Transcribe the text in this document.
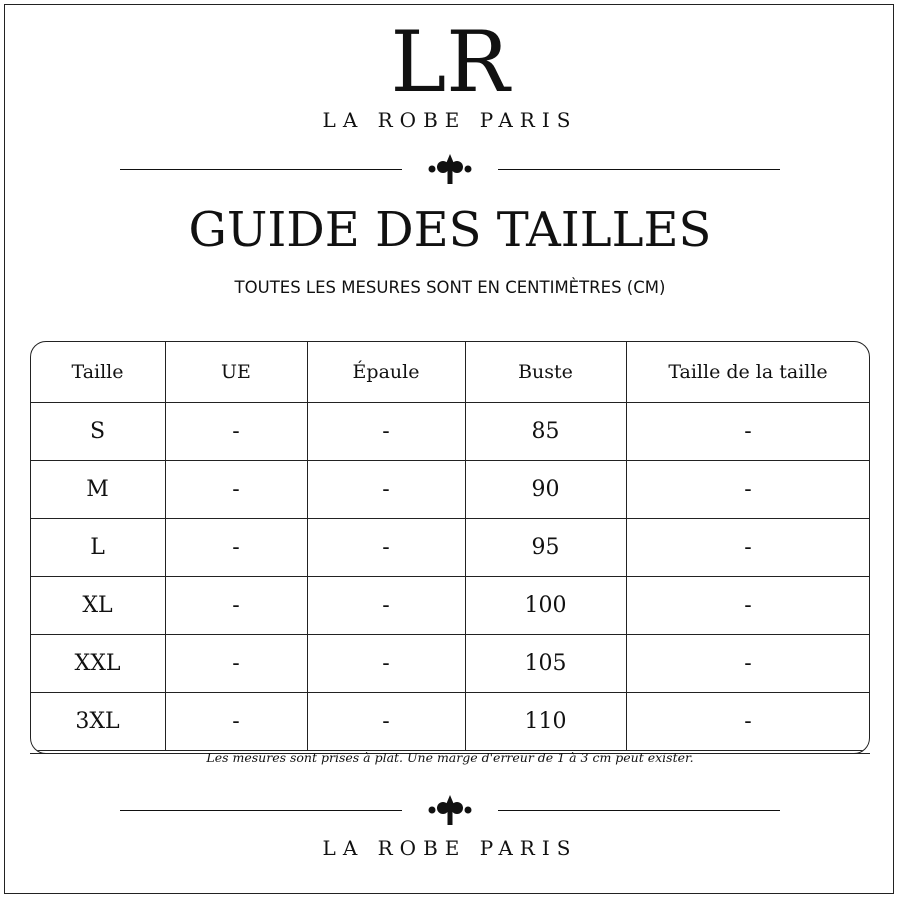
LR
LA ROBE PARIS
GUIDE DES TAILLES
TOUTES LES MESURES SONT EN CENTIMÈTRES (CM)
Taille	UE	Épaule	Buste	Taille de la taille
S	-	-	85	-
M	-	-	90	-
L	-	-	95	-
XL	-	-	100	-
XXL	-	-	105	-
3XL	-	-	110	-
Les mesures sont prises à plat. Une marge d'erreur de 1 à 3 cm peut exister.
LA ROBE PARIS
